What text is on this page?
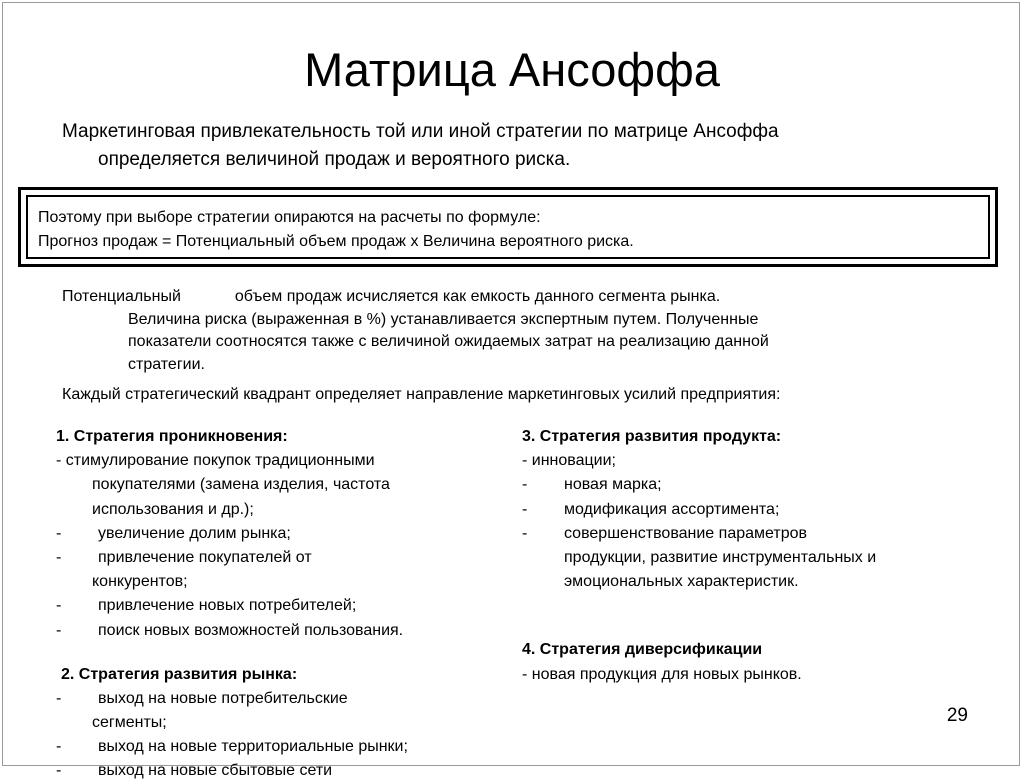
Матрица Ансоффа
Маркетинговая привлекательность той или иной стратегии по матрице Ансоффа
определяется величиной продаж и вероятного риска.
Поэтому при выборе стратегии опираются на расчеты по формуле:
Прогноз продаж = Потенциальный объем продаж х Величина вероятного риска.
Потенциальный	объем продаж исчисляется как емкость данного сегмента рынка.
Величина риска (выраженная в %) устанавливается экспертным путем. Полученные
показатели соотносятся также с величиной ожидаемых затрат на реализацию данной
стратегии.
Каждый стратегический квадрант определяет направление маркетинговых усилий предприятия:
1. Стратегия проникновения:
- стимулирование покупок традиционными
покупателями (замена изделия, частота
использования и др.);
- увеличение долим рынка;
- привлечение покупателей от
конкурентов;
- привлечение новых потребителей;
- поиск новых возможностей пользования.
2. Стратегия развития рынка:
- выход на новые потребительские
сегменты;
- выход на новые территориальные рынки;
- выход на новые сбытовые сети
3. Стратегия развития продукта:
- инновации;
- новая марка;
- модификация ассортимента;
- совершенствование параметров
продукции, развитие инструментальных и
эмоциональных характеристик.
4. Стратегия диверсификации
- новая продукция для новых рынков.
29
